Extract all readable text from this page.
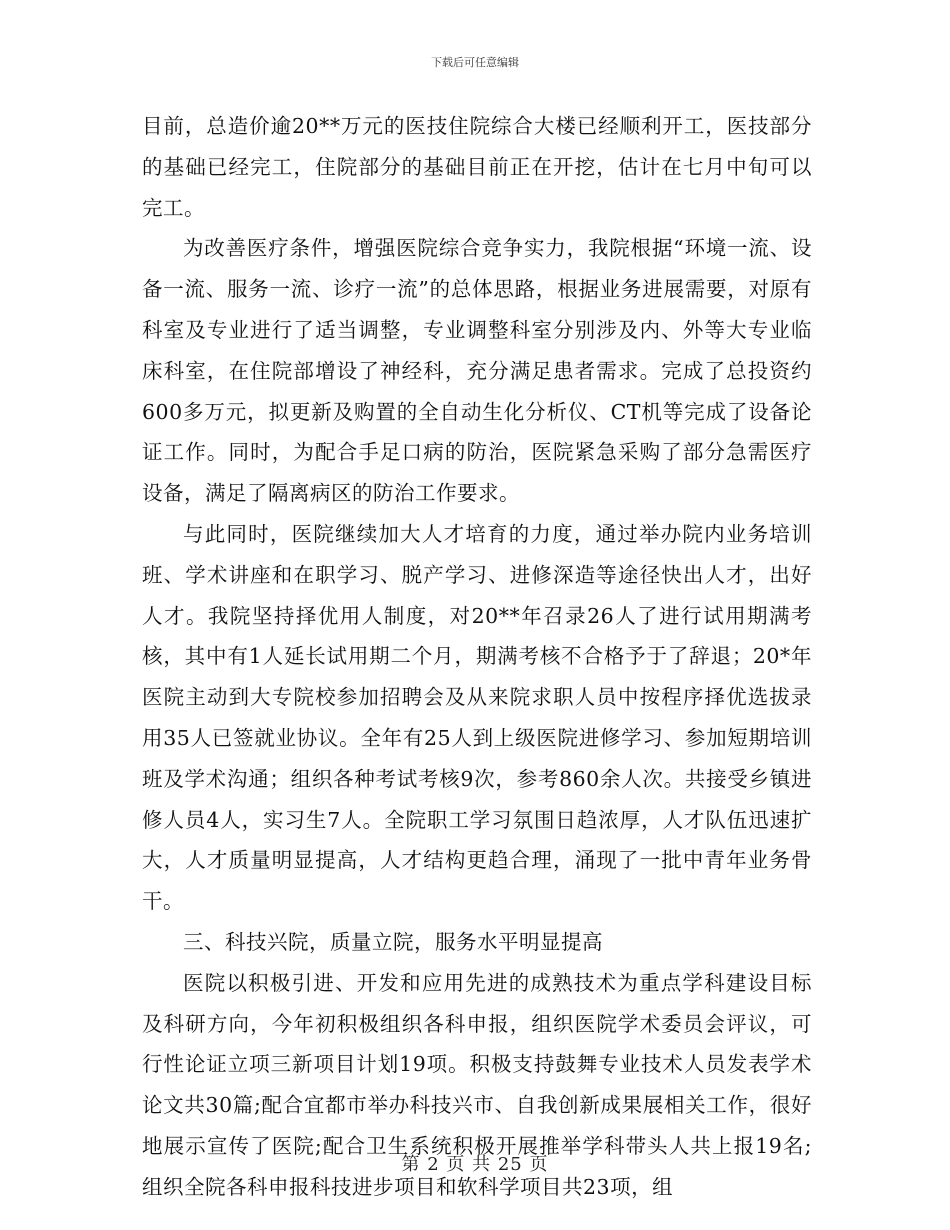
下载后可任意编辑

目前，总造价逾20**万元的医技住院综合大楼已经顺利开工，医技部分的基础已经完工，住院部分的基础目前正在开挖，估计在七月中旬可以完工。

为改善医疗条件，增强医院综合竞争实力，我院根据“环境一流、设备一流、服务一流、诊疗一流”的总体思路，根据业务进展需要，对原有科室及专业进行了适当调整，专业调整科室分别涉及内、外等大专业临床科室，在住院部增设了神经科，充分满足患者需求。完成了总投资约600多万元，拟更新及购置的全自动生化分析仪、CT机等完成了设备论证工作。同时，为配合手足口病的防治，医院紧急采购了部分急需医疗设备，满足了隔离病区的防治工作要求。

与此同时，医院继续加大人才培育的力度，通过举办院内业务培训班、学术讲座和在职学习、脱产学习、进修深造等途径快出人才，出好人才。我院坚持择优用人制度，对20**年召录26人了进行试用期满考核，其中有1人延长试用期二个月，期满考核不合格予于了辞退；20*年医院主动到大专院校参加招聘会及从来院求职人员中按程序择优选拔录用35人已签就业协议。全年有25人到上级医院进修学习、参加短期培训班及学术沟通；组织各种考试考核9次，参考860余人次。共接受乡镇进修人员4人，实习生7人。全院职工学习氛围日趋浓厚，人才队伍迅速扩大，人才质量明显提高，人才结构更趋合理，涌现了一批中青年业务骨干。

三、科技兴院，质量立院，服务水平明显提高

医院以积极引进、开发和应用先进的成熟技术为重点学科建设目标及科研方向，今年初积极组织各科申报，组织医院学术委员会评议，可行性论证立项三新项目计划19项。积极支持鼓舞专业技术人员发表学术论文共30篇;配合宜都市举办科技兴市、自我创新成果展相关工作，很好地展示宣传了医院;配合卫生系统积极开展推举学科带头人共上报19名;组织全院各科申报科技进步项目和软科学项目共23项，组

第 2 页 共 25 页
